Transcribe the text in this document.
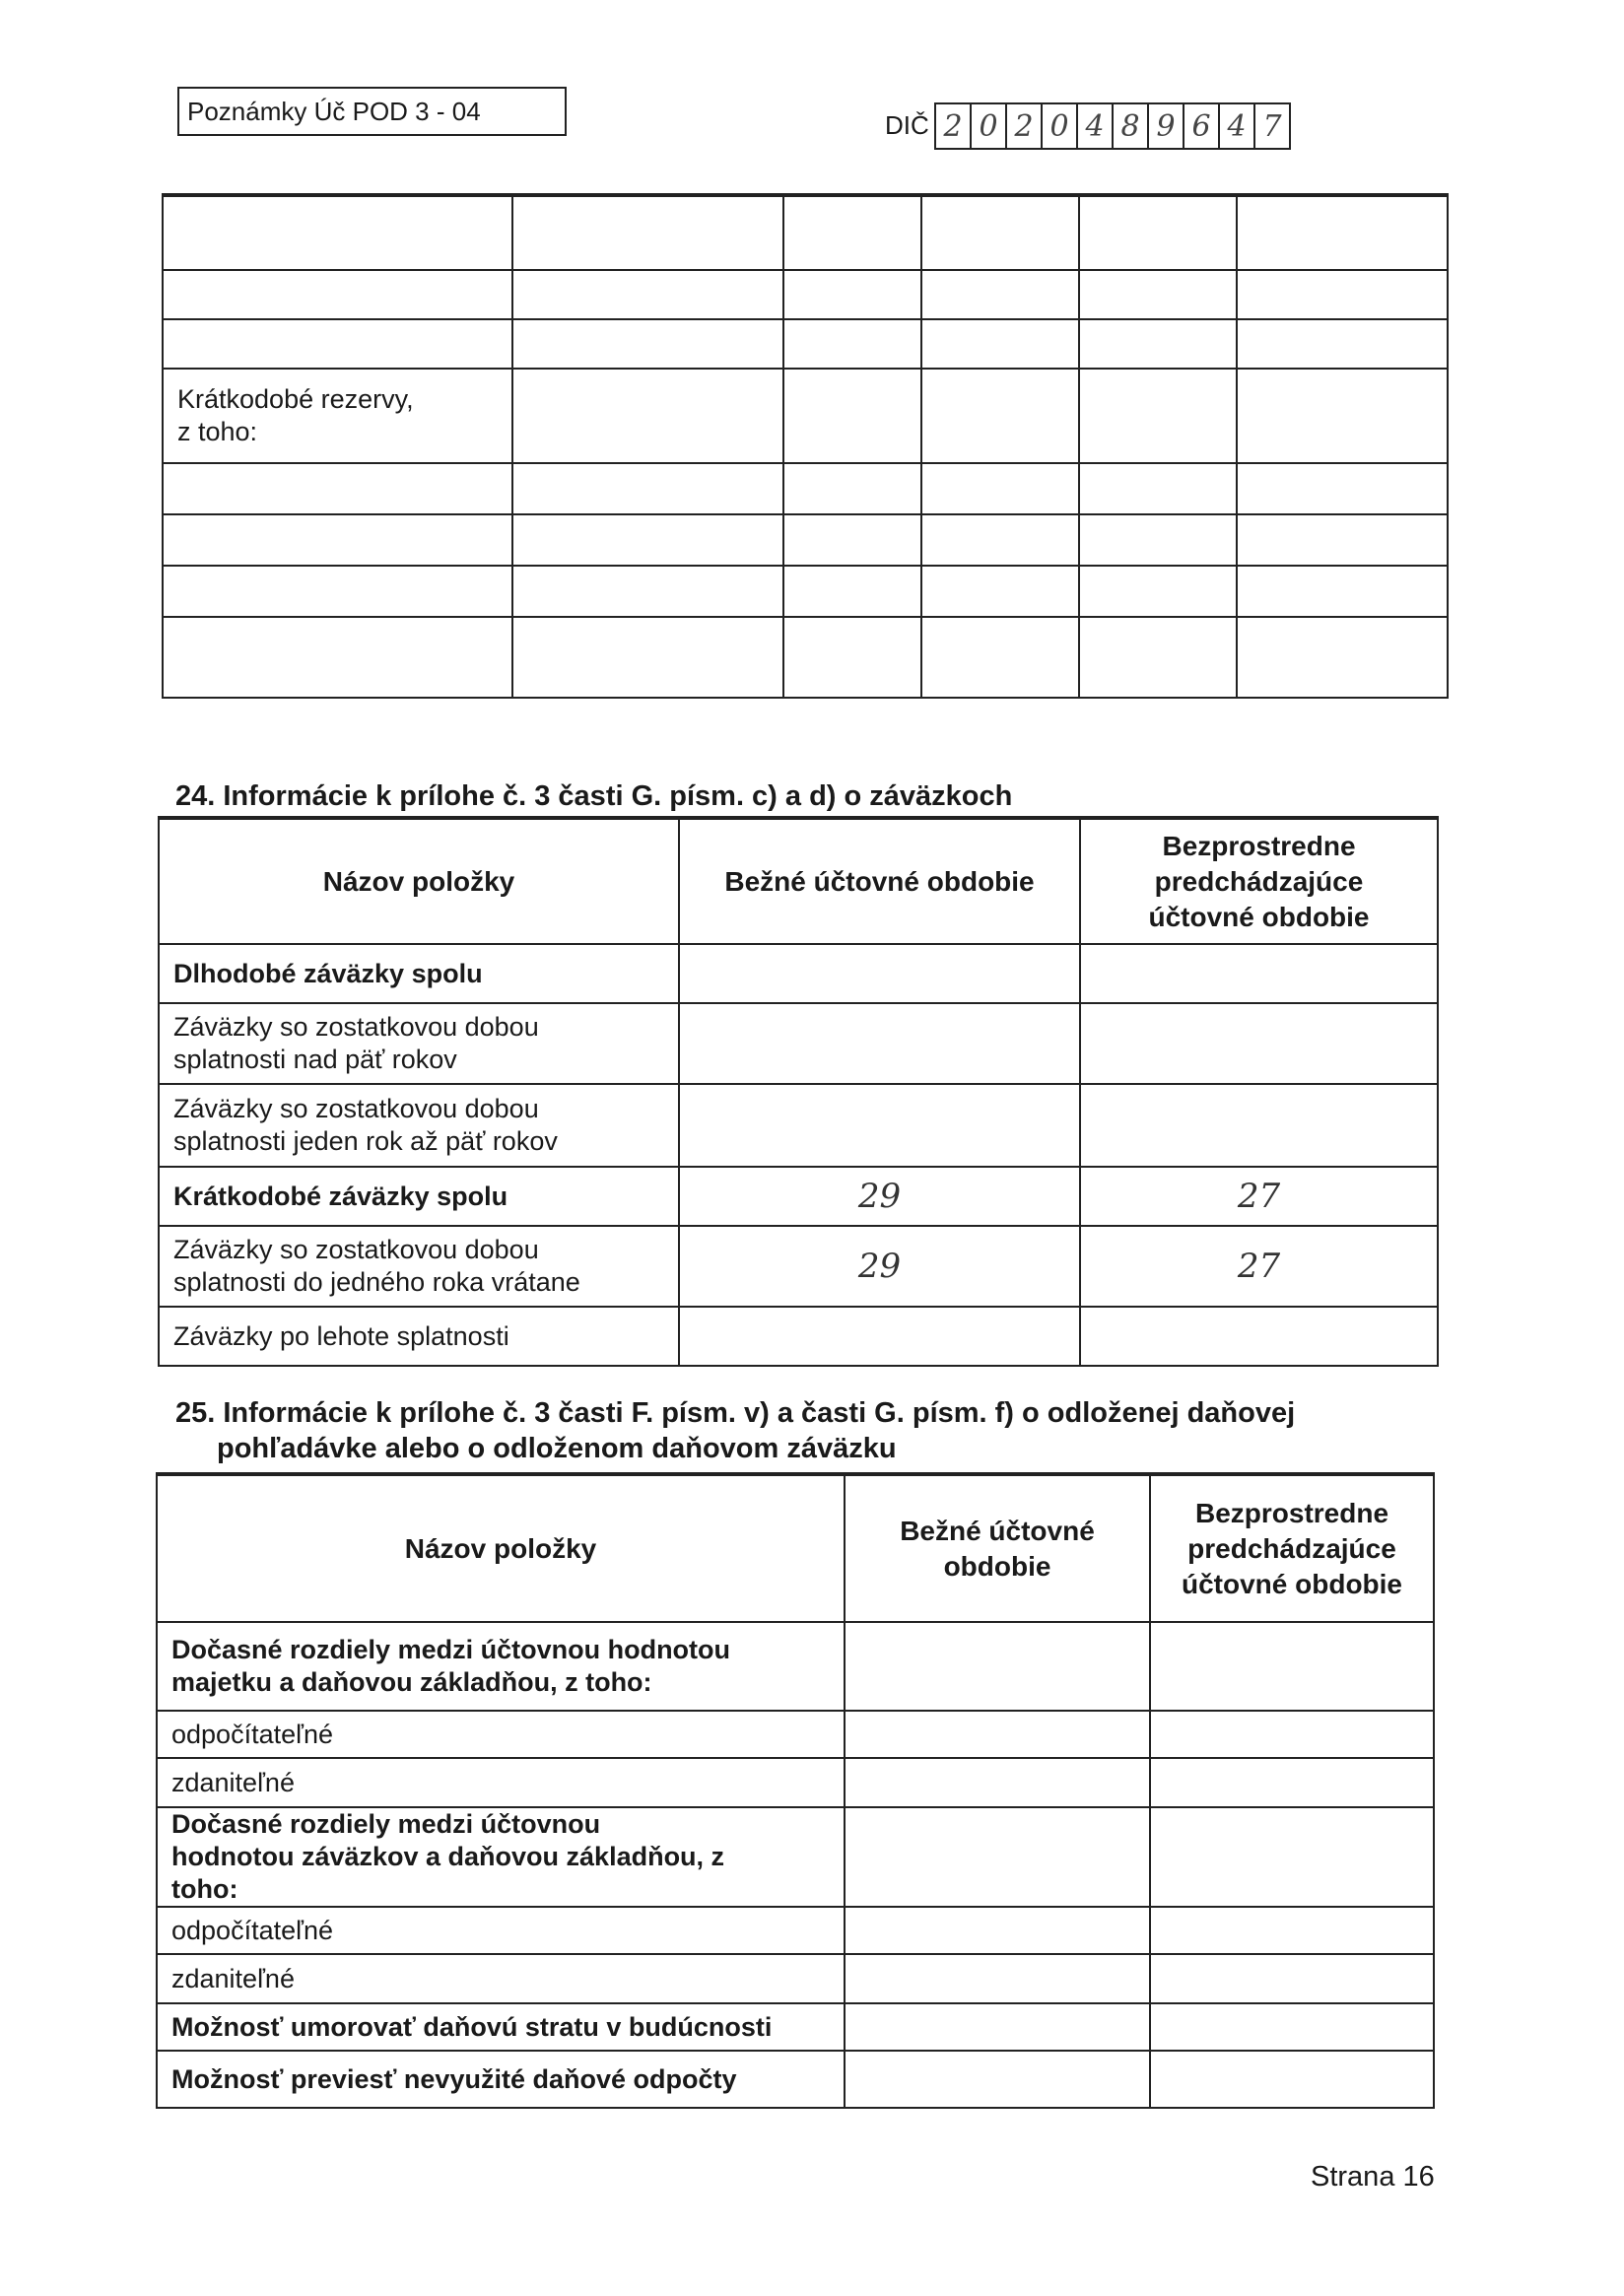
Poznámky Úč POD 3 - 04	DIČ 2 0 2 0 4 8 9 6 4 7

Krátkodobé rezervy,
z toho:					

24. Informácie k prílohe č. 3 časti G. písm. c) a d) o záväzkoch
Názov položky	Bežné účtovné obdobie	Bezprostredne predchádzajúce účtovné obdobie
Dlhodobé záväzky spolu		
Záväzky so zostatkovou dobou splatnosti nad päť rokov		
Záväzky so zostatkovou dobou splatnosti jeden rok až päť rokov		
Krátkodobé záväzky spolu	29	27
Záväzky so zostatkovou dobou splatnosti do jedného roka vrátane	29	27
Záväzky po lehote splatnosti		
25. Informácie k prílohe č. 3 časti F. písm. v) a časti G. písm. f) o odloženej daňovej pohľadávke alebo o odloženom daňovom záväzku
Názov položky	Bežné účtovné obdobie	Bezprostredne predchádzajúce účtovné obdobie
Dočasné rozdiely medzi účtovnou hodnotou majetku a daňovou základňou, z toho:		
odpočítateľné		
zdaniteľné		
Dočasné rozdiely medzi účtovnou hodnotou záväzkov a daňovou základňou, z toho:		
odpočítateľné		
zdaniteľné		
Možnosť umorovať daňovú stratu v budúcnosti		
Možnosť previesť nevyužité daňové odpočty		
Strana 16
